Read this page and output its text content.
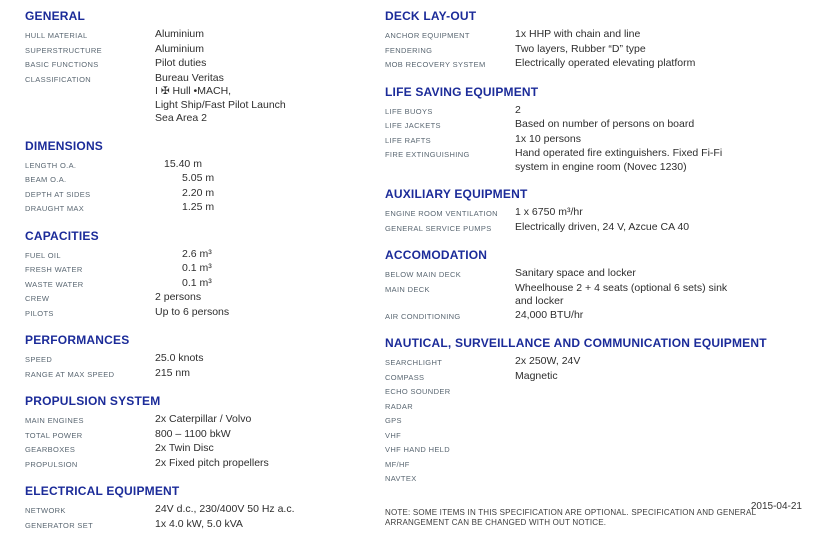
GENERAL
HULL MATERIAL	Aluminium
SUPERSTRUCTURE	Aluminium
BASIC FUNCTIONS	Pilot duties
CLASSIFICATION	Bureau Veritas
I ✠ Hull •MACH,
Light Ship/Fast Pilot Launch
Sea Area 2
DIMENSIONS
LENGTH O.A.	15.40 m
BEAM O.A.	5.05 m
DEPTH AT SIDES	2.20 m
DRAUGHT MAX	1.25 m
CAPACITIES
FUEL OIL	2.6 m³
FRESH WATER	0.1 m³
WASTE WATER	0.1 m³
CREW	2 persons
PILOTS	Up to 6 persons
PERFORMANCES
SPEED	25.0 knots
RANGE AT MAX SPEED	215 nm
PROPULSION SYSTEM
MAIN ENGINES	2x Caterpillar / Volvo
TOTAL POWER	800 – 1100 bkW
GEARBOXES	2x Twin Disc
PROPULSION	2x Fixed pitch propellers
ELECTRICAL EQUIPMENT
NETWORK	24V d.c., 230/400V 50 Hz a.c.
GENERATOR SET	1x 4.0 kW, 5.0 kVA
DECK LAY-OUT
ANCHOR EQUIPMENT	1x HHP with chain and line
FENDERING	Two layers, Rubber “D” type
MOB RECOVERY SYSTEM	Electrically operated elevating platform
LIFE SAVING EQUIPMENT
LIFE BUOYS	2
LIFE JACKETS	Based on number of persons on board
LIFE RAFTS	1x 10 persons
FIRE EXTINGUISHING	Hand operated fire extinguishers. Fixed Fi-Fi
system in engine room (Novec 1230)
AUXILIARY EQUIPMENT
ENGINE ROOM VENTILATION	1 x 6750 m³/hr
GENERAL SERVICE PUMPS	Electrically driven, 24 V, Azcue CA 40
ACCOMODATION
BELOW MAIN DECK	Sanitary space and locker
MAIN DECK	Wheelhouse 2 + 4 seats (optional 6 sets) sink
and locker
AIR CONDITIONING	24,000 BTU/hr
NAUTICAL, SURVEILLANCE AND COMMUNICATION EQUIPMENT
SEARCHLIGHT	2x 250W, 24V
COMPASS	Magnetic
ECHO SOUNDER
RADAR
GPS
VHF
VHF HAND HELD
MF/HF
NAVTEX
NOTE: SOME ITEMS IN THIS SPECIFICATION ARE OPTIONAL. SPECIFICATION AND GENERAL ARRANGEMENT CAN BE CHANGED WITH OUT NOTICE.
2015-04-21
